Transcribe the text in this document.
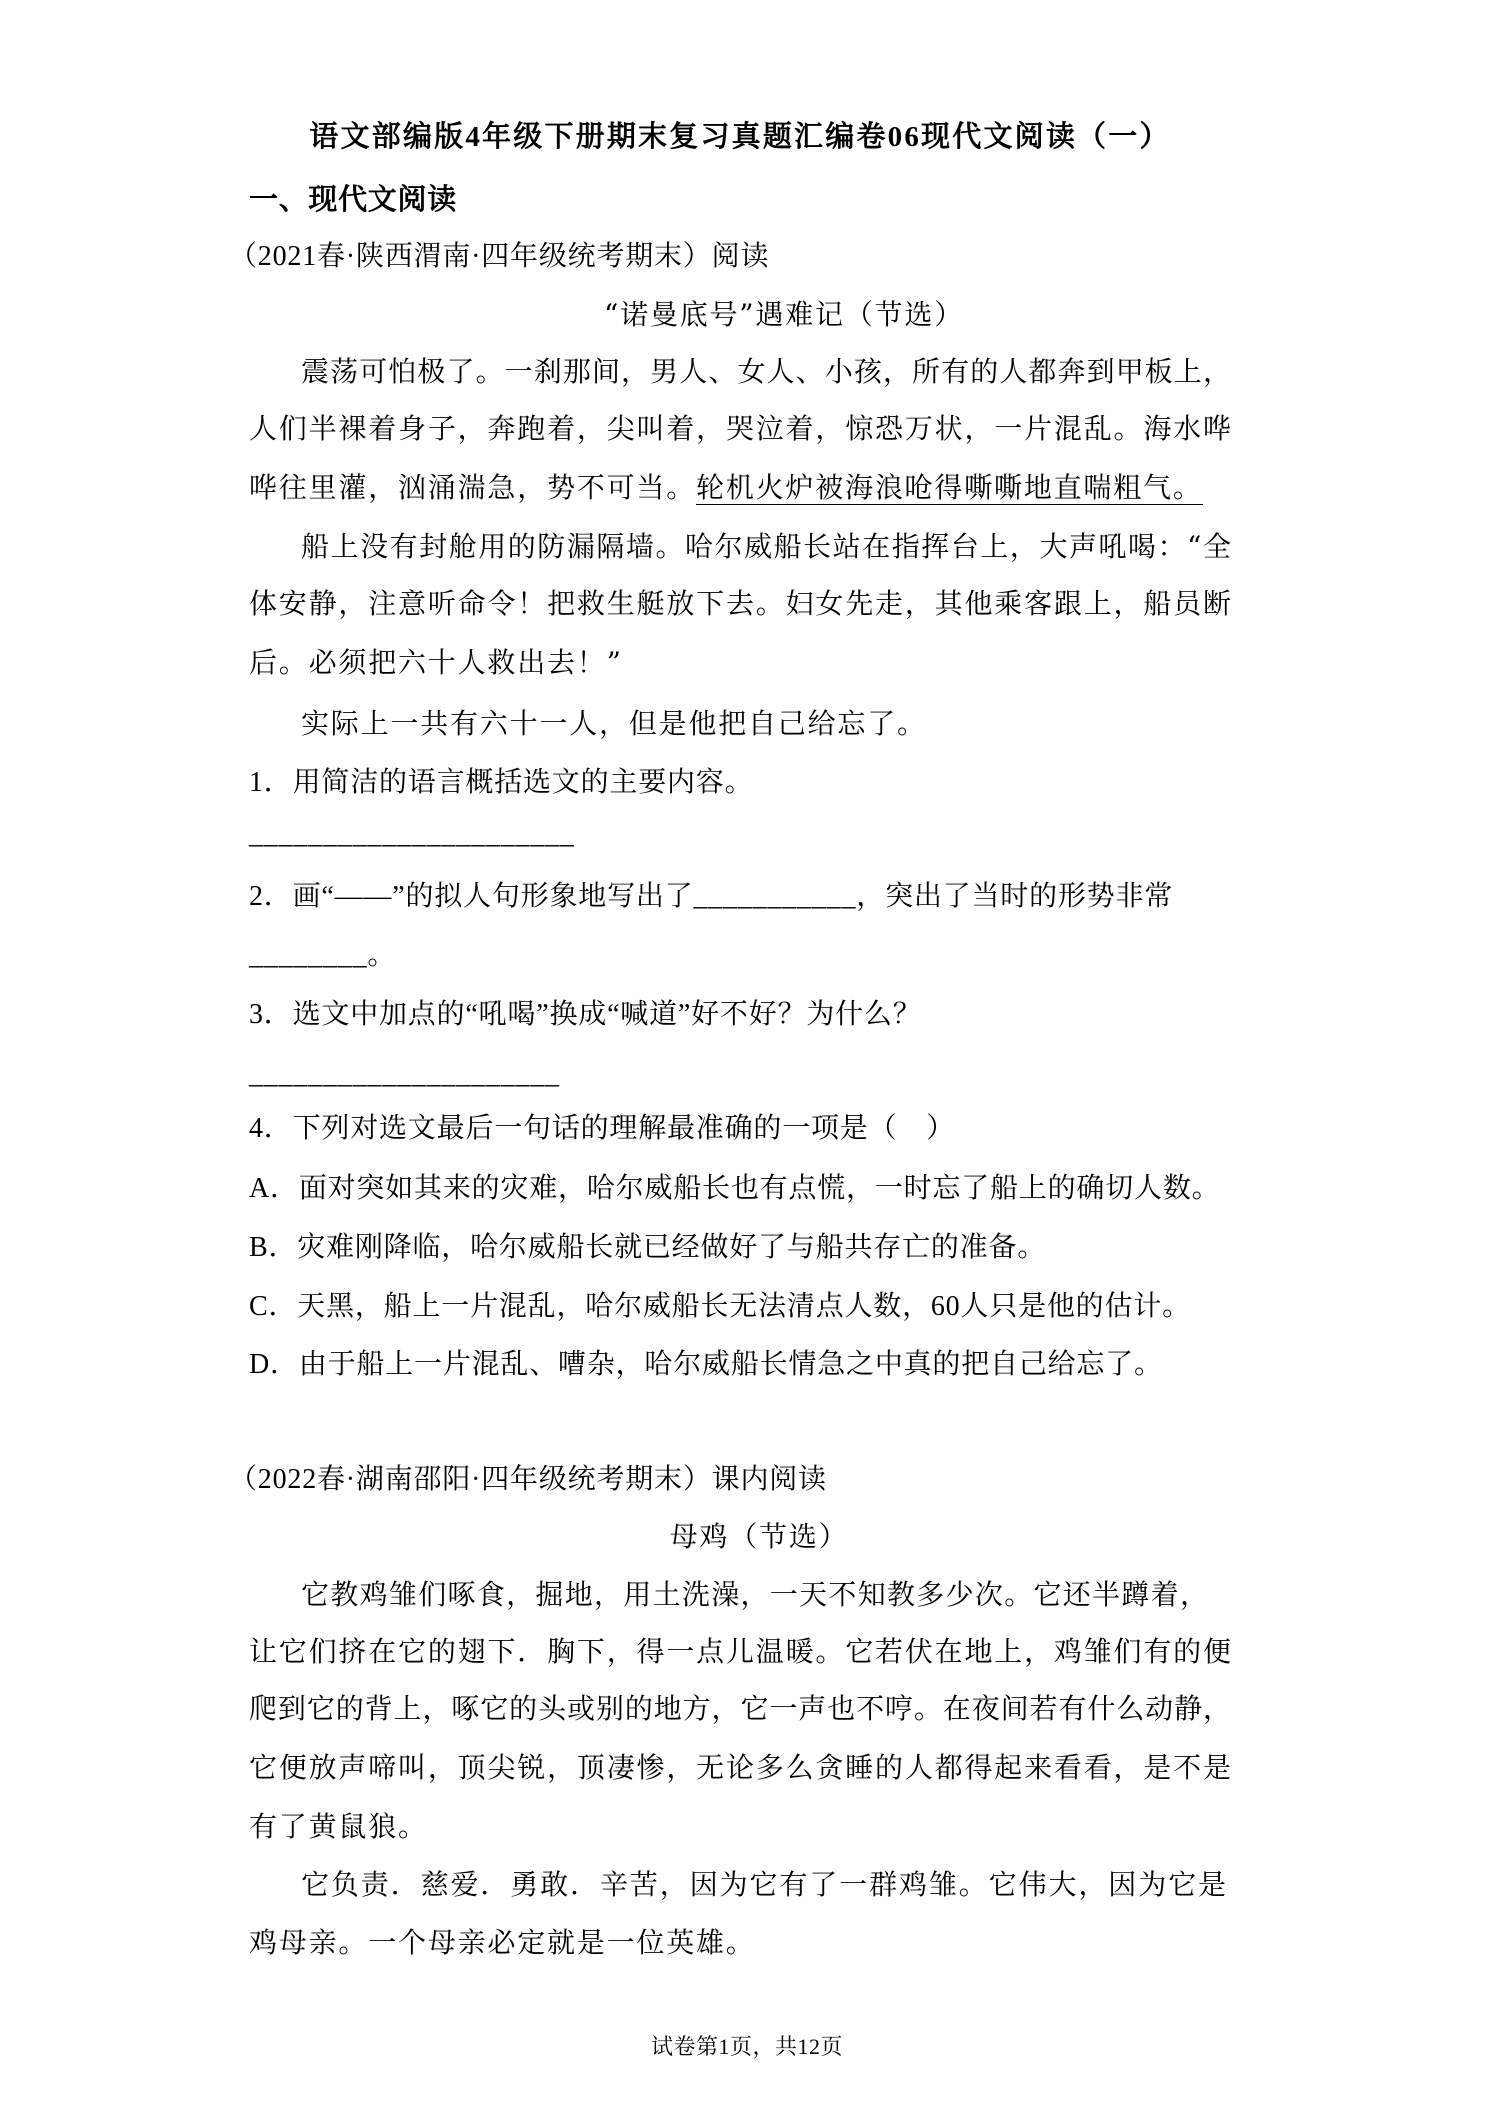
语文部编版4年级下册期末复习真题汇编卷06现代文阅读（一）
一、现代文阅读
（2021春·陕西渭南·四年级统考期末）阅读
“诺曼底号”遇难记（节选）
震荡可怕极了。一刹那间，男人、女人、小孩，所有的人都奔到甲板上，
人们半裸着身子，奔跑着，尖叫着，哭泣着，惊恐万状，一片混乱。海水哗
哗往里灌，汹涌湍急，势不可当。轮机火炉被海浪呛得嘶嘶地直喘粗气。
船上没有封舱用的防漏隔墙。哈尔威船长站在指挥台上，大声吼喝：“全
体安静，注意听命令！把救生艇放下去。妇女先走，其他乘客跟上，船员断
后。必须把六十人救出去！”
实际上一共有六十一人，但是他把自己给忘了。
1．用简洁的语言概括选文的主要内容。
______________________
2．画“——”的拟人句形象地写出了___________，突出了当时的形势非常
________。
3．选文中加点的“吼喝”换成“喊道”好不好？为什么？
_____________________
4．下列对选文最后一句话的理解最准确的一项是（　）
A．面对突如其来的灾难，哈尔威船长也有点慌，一时忘了船上的确切人数。
B．灾难刚降临，哈尔威船长就已经做好了与船共存亡的准备。
C．天黑，船上一片混乱，哈尔威船长无法清点人数，60人只是他的估计。
D．由于船上一片混乱、嘈杂，哈尔威船长情急之中真的把自己给忘了。
（2022春·湖南邵阳·四年级统考期末）课内阅读
母鸡（节选）
它教鸡雏们啄食，掘地，用土洗澡，一天不知教多少次。它还半蹲着，
让它们挤在它的翅下．胸下，得一点儿温暖。它若伏在地上，鸡雏们有的便
爬到它的背上，啄它的头或别的地方，它一声也不哼。在夜间若有什么动静，
它便放声啼叫，顶尖锐，顶凄惨，无论多么贪睡的人都得起来看看，是不是
有了黄鼠狼。
它负责．慈爱．勇敢．辛苦，因为它有了一群鸡雏。它伟大，因为它是
鸡母亲。一个母亲必定就是一位英雄。
试卷第1页，共12页
